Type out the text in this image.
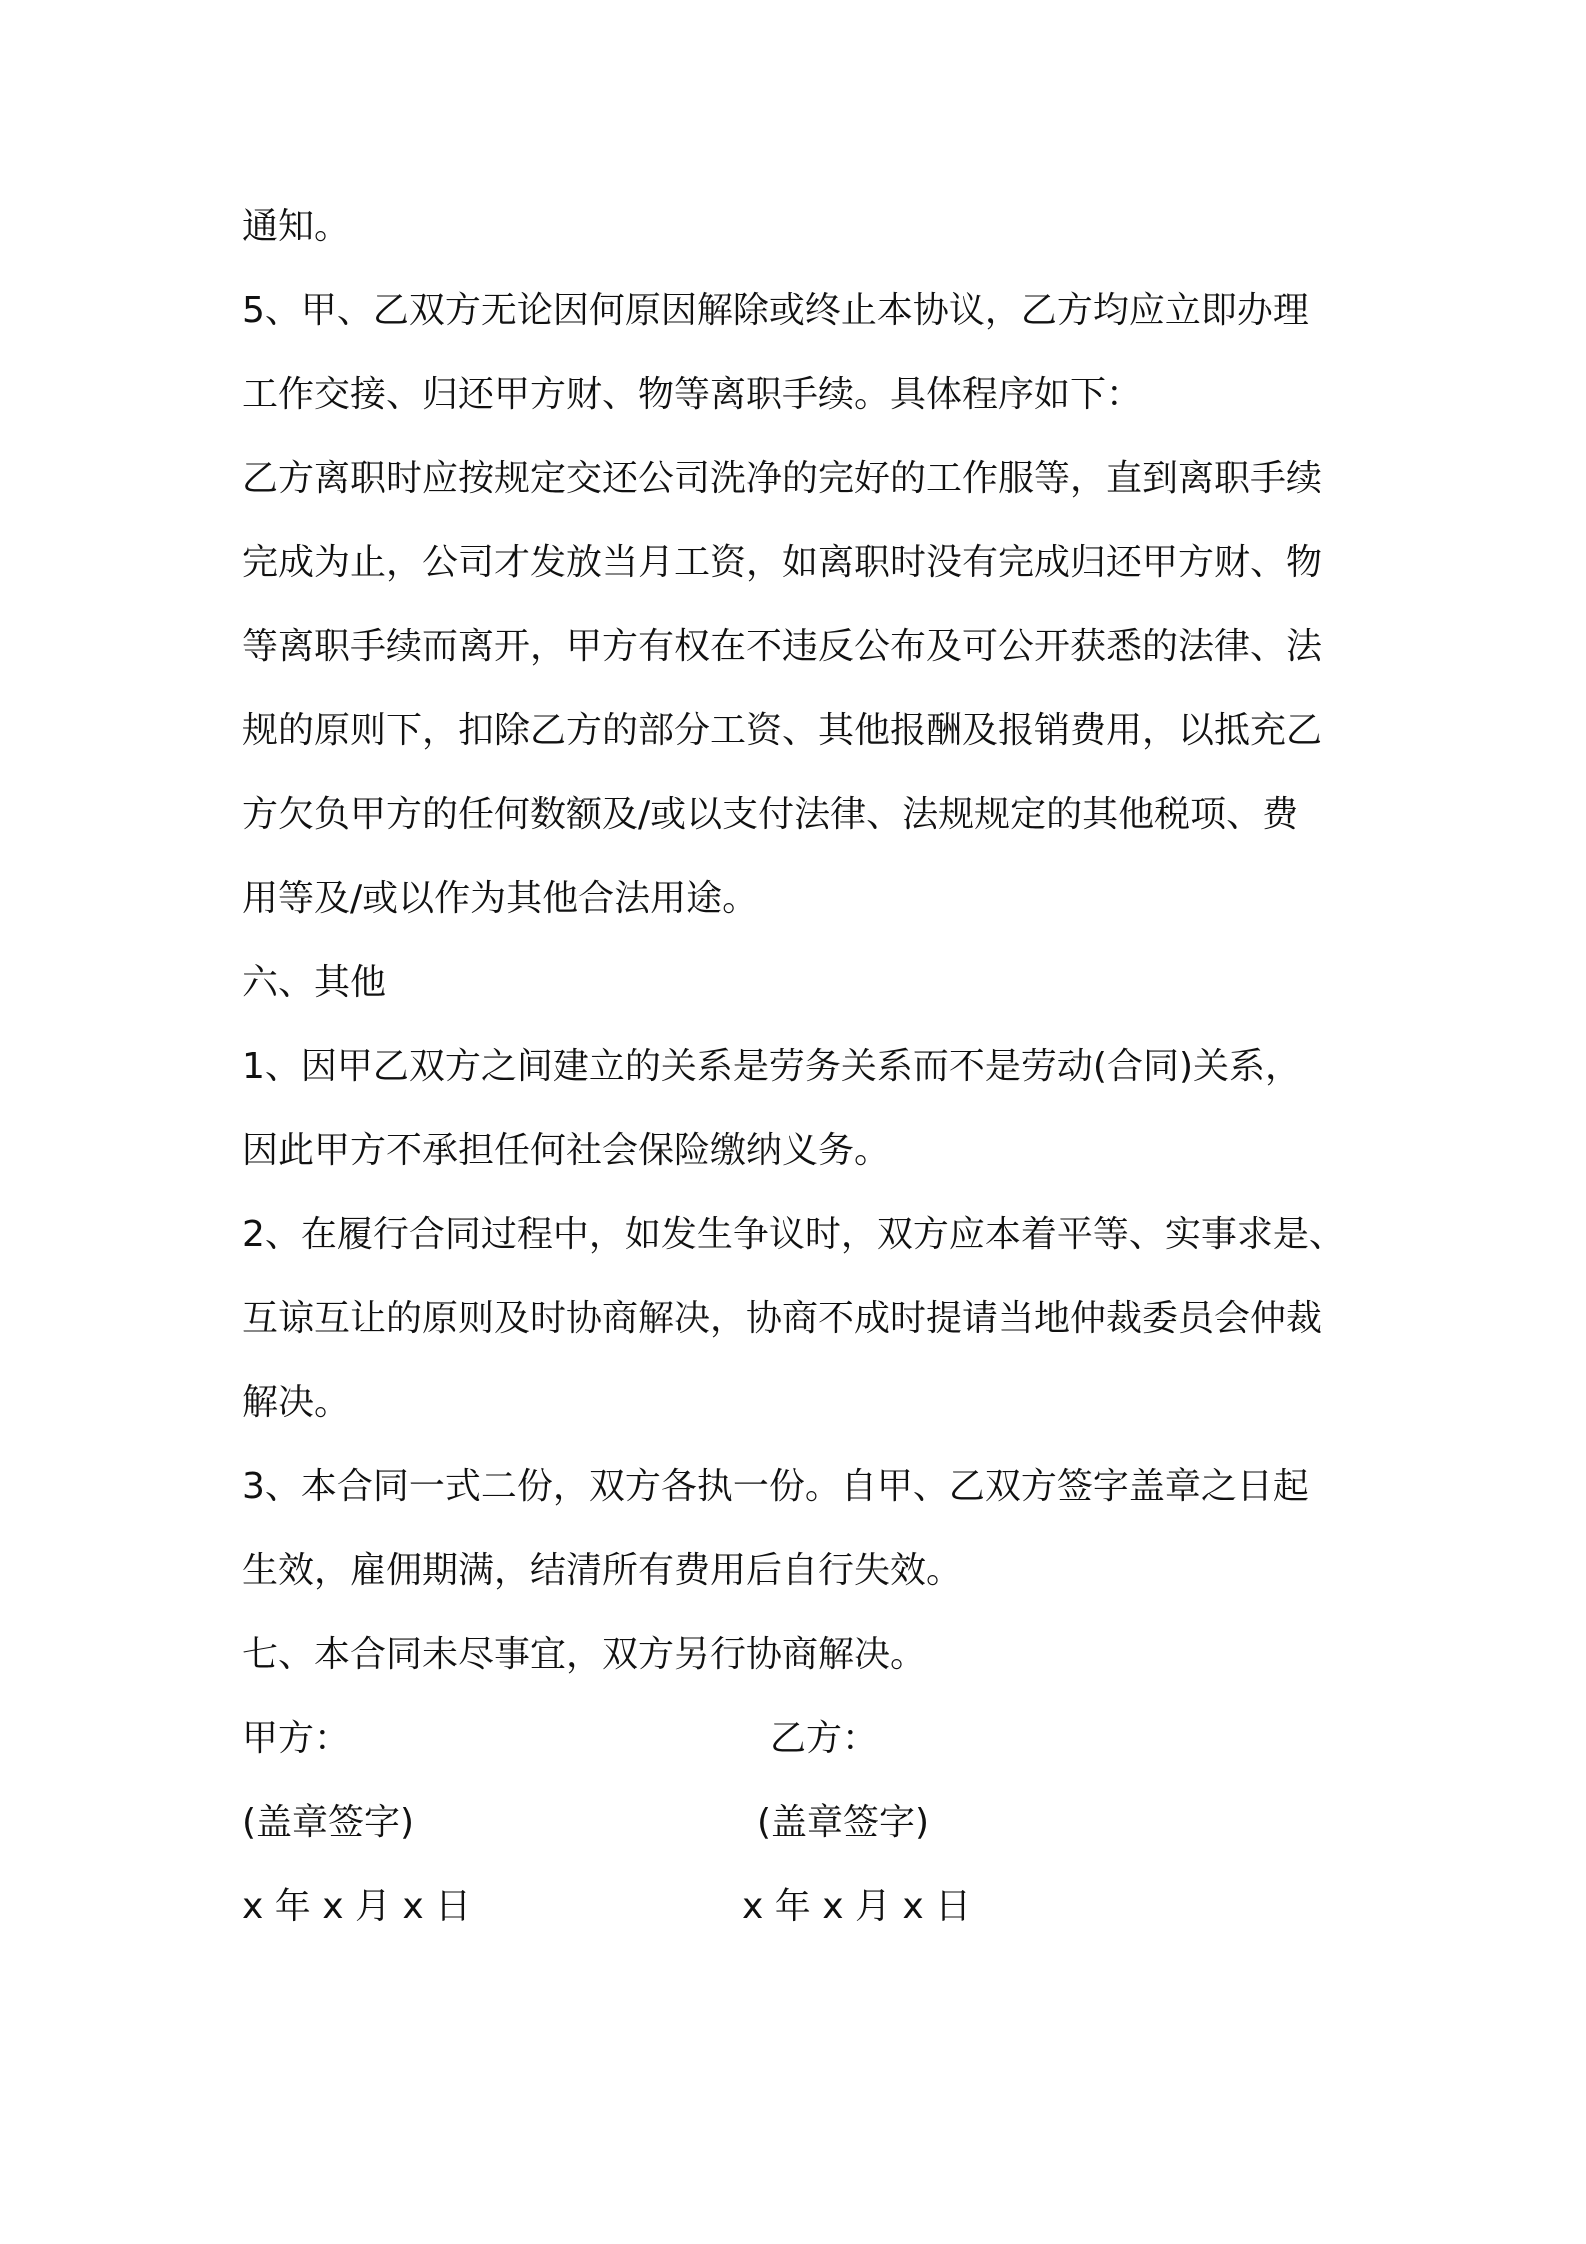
通知。
5、甲、乙双方无论因何原因解除或终止本协议，乙方均应立即办理
工作交接、归还甲方财、物等离职手续。具体程序如下：
乙方离职时应按规定交还公司洗净的完好的工作服等，直到离职手续
完成为止，公司才发放当月工资，如离职时没有完成归还甲方财、物
等离职手续而离开，甲方有权在不违反公布及可公开获悉的法律、法
规的原则下，扣除乙方的部分工资、其他报酬及报销费用，以抵充乙
方欠负甲方的任何数额及/或以支付法律、法规规定的其他税项、费
用等及/或以作为其他合法用途。
六、其他
1、因甲乙双方之间建立的关系是劳务关系而不是劳动(合同)关系，
因此甲方不承担任何社会保险缴纳义务。
2、在履行合同过程中，如发生争议时，双方应本着平等、实事求是、
互谅互让的原则及时协商解决，协商不成时提请当地仲裁委员会仲裁
解决。
3、本合同一式二份，双方各执一份。自甲、乙双方签字盖章之日起
生效，雇佣期满，结清所有费用后自行失效。
七、本合同未尽事宜，双方另行协商解决。
甲方：	乙方：
(盖章签字)	(盖章签字)
x 年 x 月 x 日	x 年 x 月 x 日
